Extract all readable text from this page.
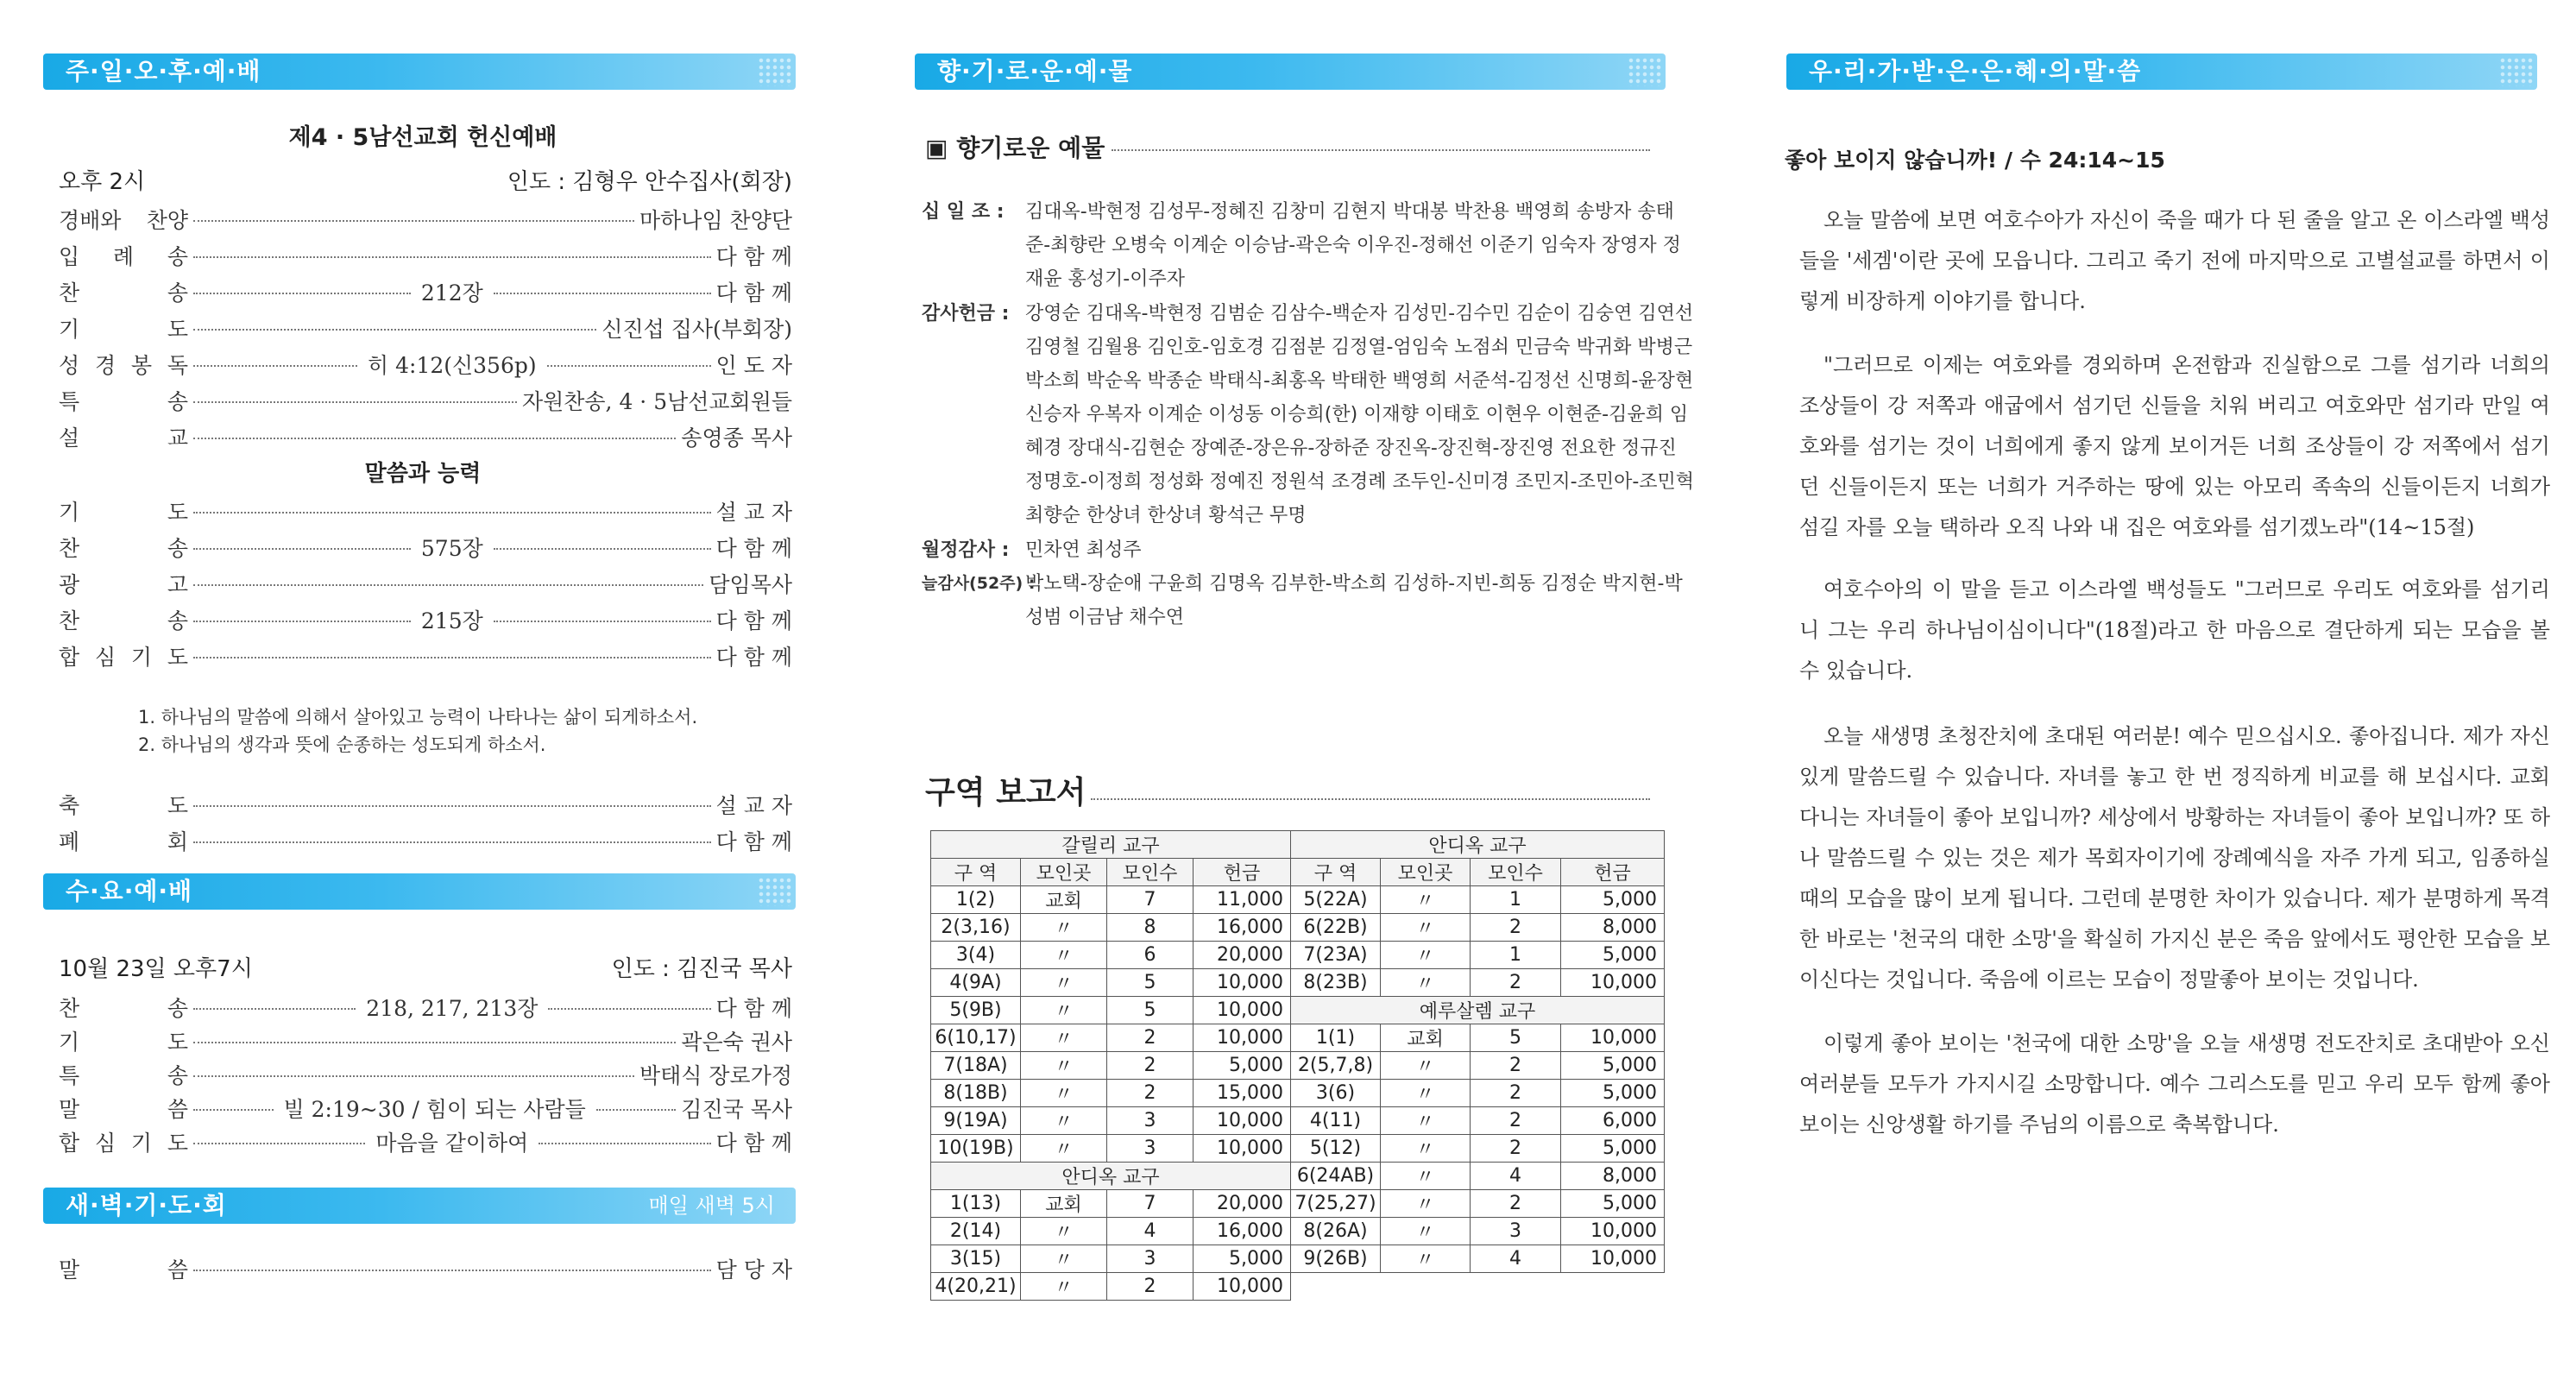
주·일·오·후·예·배
제4 · 5남선교회 헌신예배
오후 2시	인도 : 김형우 안수집사(회장)
경배와 찬양	마하나임 찬양단
입 례 송	다 함 께
찬	송	212장	다 함 께
기	도	신진섭 집사(부회장)
성 경 봉 독	히 4:12(신356p)	인 도 자
특	송	자원찬송, 4 · 5남선교회원들
설	교	송영종 목사
말씀과 능력
기	도	설 교 자
찬	송	575장	다 함 께
광	고	담임목사
찬	송	215장	다 함 께
합 심 기 도	다 함 께
1. 하나님의 말씀에 의해서 살아있고 능력이 나타나는 삶이 되게하소서.
2. 하나님의 생각과 뜻에 순종하는 성도되게 하소서.
축	도	설 교 자
폐	회	다 함 께
수·요·예·배
10월 23일 오후7시	인도 : 김진국 목사
찬	송	218, 217, 213장	다 함 께
기	도	곽은숙 권사
특	송	박태식 장로가정
말	씀	빌 2:19~30 / 힘이 되는 사람들	김진국 목사
합 심 기 도	마음을 같이하여	다 함 께
새·벽·기·도·회	매일 새벽 5시
말	씀	담 당 자
향·기·로·운·예·물
▣ 향기로운 예물
십 일 조 : 김대옥-박현정 김성무-정혜진 김창미 김현지 박대봉 박찬용 백영희 송방자 송태준-최향란 오병숙 이계순 이승남-곽은숙 이우진-정해선 이준기 임숙자 장영자 정재윤 홍성기-이주자
감사헌금 : 강영순 김대옥-박현정 김범순 김삼수-백순자 김성민-김수민 김순이 김숭연 김연선 김영철 김월용 김인호-임호경 김점분 김정열-엄임숙 노점쇠 민금숙 박귀화 박병근 박소희 박순옥 박종순 박태식-최홍옥 박태한 백영희 서준석-김정선 신명희-윤장현 신승자 우복자 이계순 이성동 이승희(한) 이재향 이태호 이현우 이현준-김윤희 임혜경 장대식-김현순 장예준-장은유-장하준 장진옥-장진혁-장진영 전요한 정규진 정명호-이정희 정성화 정예진 정원석 조경례 조두인-신미경 조민지-조민아-조민혁 최향순 한상녀 한상녀 황석근 무명
월정감사 : 민차연 최성주
늘감사(52주) :
박노택-장순애 구윤희 김명옥 김부한-박소희 김성하-지빈-희동 김정순 박지현-박성범 이금남 채수연
구역 보고서
갈릴리 교구			
구 역	모인곳	모인수	헌금
1(2)	교회	7	11,000
2(3,16)	〃	8	16,000
3(4)	〃	6	20,000
4(9A)	〃	5	10,000
5(9B)	〃	5	10,000
6(10,17)	〃	2	10,000
7(18A)	〃	2	5,000
8(18B)	〃	2	15,000
9(19A)	〃	3	10,000
10(19B)	〃	3	10,000
안디옥 교구			
1(13)	교회	7	20,000
2(14)	〃	4	16,000
3(15)	〃	3	5,000
4(20,21)	〃	2	10,000
안디옥 교구			
구 역	모인곳	모인수	헌금
5(22A)	〃	1	5,000
6(22B)	〃	2	8,000
7(23A)	〃	1	5,000
8(23B)	〃	2	10,000
예루살렘 교구			
1(1)	교회	5	10,000
2(5,7,8)	〃	2	5,000
3(6)	〃	2	5,000
4(11)	〃	2	6,000
5(12)	〃	2	5,000
6(24AB)	〃	4	8,000
7(25,27)	〃	2	5,000
8(26A)	〃	3	10,000
9(26B)	〃	4	10,000
우·리·가·받·은·은·혜·의·말·씀
좋아 보이지 않습니까! / 수 24:14~15
오늘 말씀에 보면 여호수아가 자신이 죽을 때가 다 된 줄을 알고 온 이스라엘 백성들을 '세겜'이란 곳에 모읍니다. 그리고 죽기 전에 마지막으로 고별설교를 하면서 이렇게 비장하게 이야기를 합니다.
"그러므로 이제는 여호와를 경외하며 온전함과 진실함으로 그를 섬기라 너희의 조상들이 강 저쪽과 애굽에서 섬기던 신들을 치워 버리고 여호와만 섬기라 만일 여호와를 섬기는 것이 너희에게 좋지 않게 보이거든 너희 조상들이 강 저쪽에서 섬기던 신들이든지 또는 너희가 거주하는 땅에 있는 아모리 족속의 신들이든지 너희가 섬길 자를 오늘 택하라 오직 나와 내 집은 여호와를 섬기겠노라"(14~15절)
여호수아의 이 말을 듣고 이스라엘 백성들도 "그러므로 우리도 여호와를 섬기리니 그는 우리 하나님이심이니다"(18절)라고 한 마음으로 결단하게 되는 모습을 볼 수 있습니다.
오늘 새생명 초청잔치에 초대된 여러분! 예수 믿으십시오. 좋아집니다. 제가 자신있게 말씀드릴 수 있습니다. 자녀를 놓고 한 번 정직하게 비교를 해 보십시다. 교회 다니는 자녀들이 좋아 보입니까? 세상에서 방황하는 자녀들이 좋아 보입니까? 또 하나 말씀드릴 수 있는 것은 제가 목회자이기에 장례예식을 자주 가게 되고, 임종하실 때의 모습을 많이 보게 됩니다. 그런데 분명한 차이가 있습니다. 제가 분명하게 목격한 바로는 '천국의 대한 소망'을 확실히 가지신 분은 죽음 앞에서도 평안한 모습을 보이신다는 것입니다. 죽음에 이르는 모습이 정말좋아 보이는 것입니다.
이렇게 좋아 보이는 '천국에 대한 소망'을 오늘 새생명 전도잔치로 초대받아 오신 여러분들 모두가 가지시길 소망합니다. 예수 그리스도를 믿고 우리 모두 함께 좋아 보이는 신앙생활 하기를 주님의 이름으로 축복합니다.
